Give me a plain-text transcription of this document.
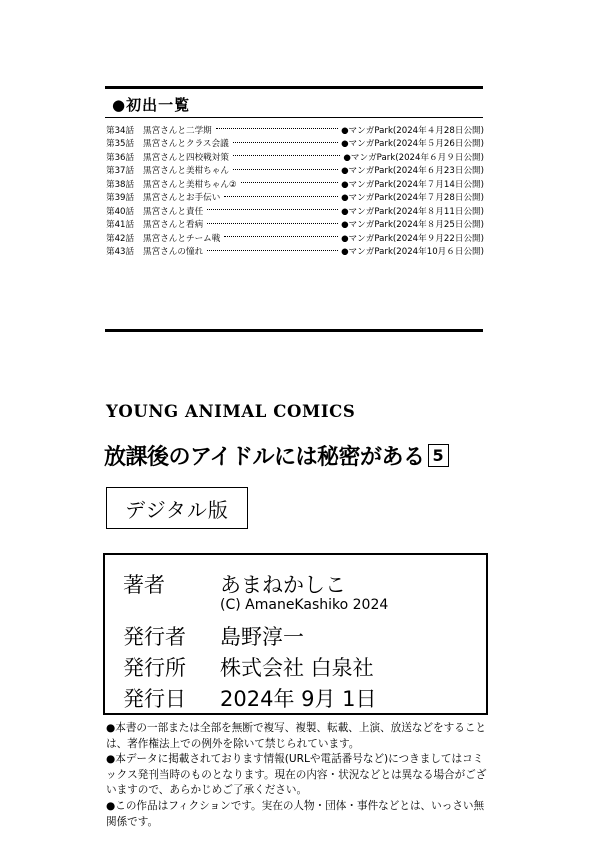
●初出一覧
第34話	黒宮さんと二学期	●マンガPark(2024年４月28日公開)
第35話	黒宮さんとクラス会議	●マンガPark(2024年５月26日公開)
第36話	黒宮さんと四校戦対策	●マンガPark(2024年６月９日公開)
第37話	黒宮さんと美柑ちゃん	●マンガPark(2024年６月23日公開)
第38話	黒宮さんと美柑ちゃん②	●マンガPark(2024年７月14日公開)
第39話	黒宮さんとお手伝い	●マンガPark(2024年７月28日公開)
第40話	黒宮さんと責任	●マンガPark(2024年８月11日公開)
第41話	黒宮さんと看病	●マンガPark(2024年８月25日公開)
第42話	黒宮さんとチーム戦	●マンガPark(2024年９月22日公開)
第43話	黒宮さんの憧れ	●マンガPark(2024年10月６日公開)
YOUNG ANIMAL COMICS
放課後のアイドルには秘密がある 5
デジタル版
著者	あまねかしこ
(C) AmaneKashiko 2024
発行者 島野淳一
発行所 株式会社 白泉社
発行日 2024年 9月 1日

●本書の一部または全部を無断で複写、複製、転載、上演、放送などをすることは、著作権法上での例外を除いて禁じられています。

●本データに掲載されております情報(URLや電話番号など)につきましてはコミックス発刊当時のものとなります。現在の内容・状況などとは異なる場合がございますので、あらかじめご了承ください。

●この作品はフィクションです。実在の人物・団体・事件などとは、いっさい無関係です。
